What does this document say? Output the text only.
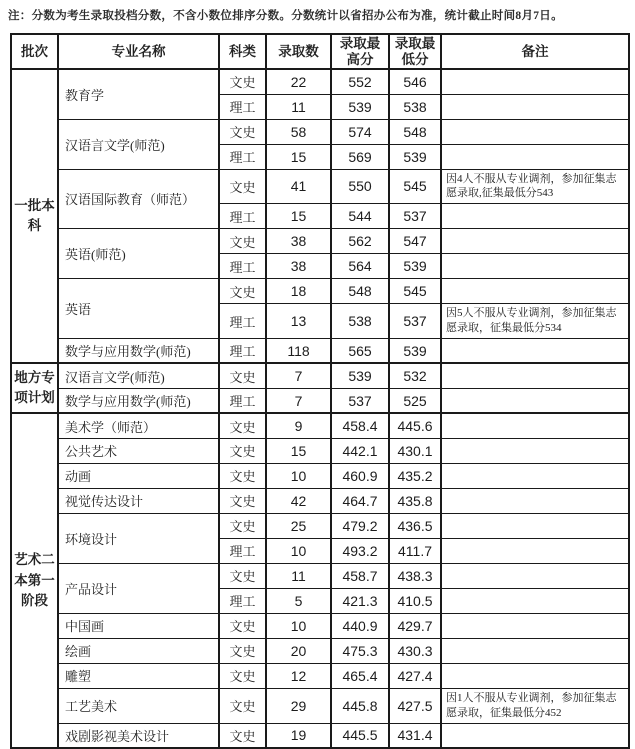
注：分数为考生录取投档分数，不含小数位排序分数。分数统计以省招办公布为准，统计截止时间8月7日。
批次	专业名称	科类	录取数	录取最高分	录取最低分	备注
一批本科	教育学	文史	22	552	546	
		理工	11	539	538	
	汉语言文学(师范)	文史	58	574	548	
		理工	15	569	539	
	汉语国际教育（师范）	文史	41	550	545	因4人不服从专业调剂，参加征集志愿录取,征集最低分543
		理工	15	544	537	
	英语(师范)	文史	38	562	547	
		理工	38	564	539	
	英语	文史	18	548	545	
		理工	13	538	537	因5人不服从专业调剂，参加征集志愿录取，征集最低分534
	数学与应用数学(师范)	理工	118	565	539	
地方专项计划	汉语言文学(师范)	文史	7	539	532	
	数学与应用数学(师范)	理工	7	537	525	
艺术二本第一阶段	美术学（师范）	文史	9	458.4	445.6	
	公共艺术	文史	15	442.1	430.1	
	动画	文史	10	460.9	435.2	
	视觉传达设计	文史	42	464.7	435.8	
	环境设计	文史	25	479.2	436.5	
		理工	10	493.2	411.7	
	产品设计	文史	11	458.7	438.3	
		理工	5	421.3	410.5	
	中国画	文史	10	440.9	429.7	
	绘画	文史	20	475.3	430.3	
	雕塑	文史	12	465.4	427.4	
	工艺美术	文史	29	445.8	427.5	因1人不服从专业调剂，参加征集志愿录取，征集最低分452
	戏剧影视美术设计	文史	19	445.5	431.4	
